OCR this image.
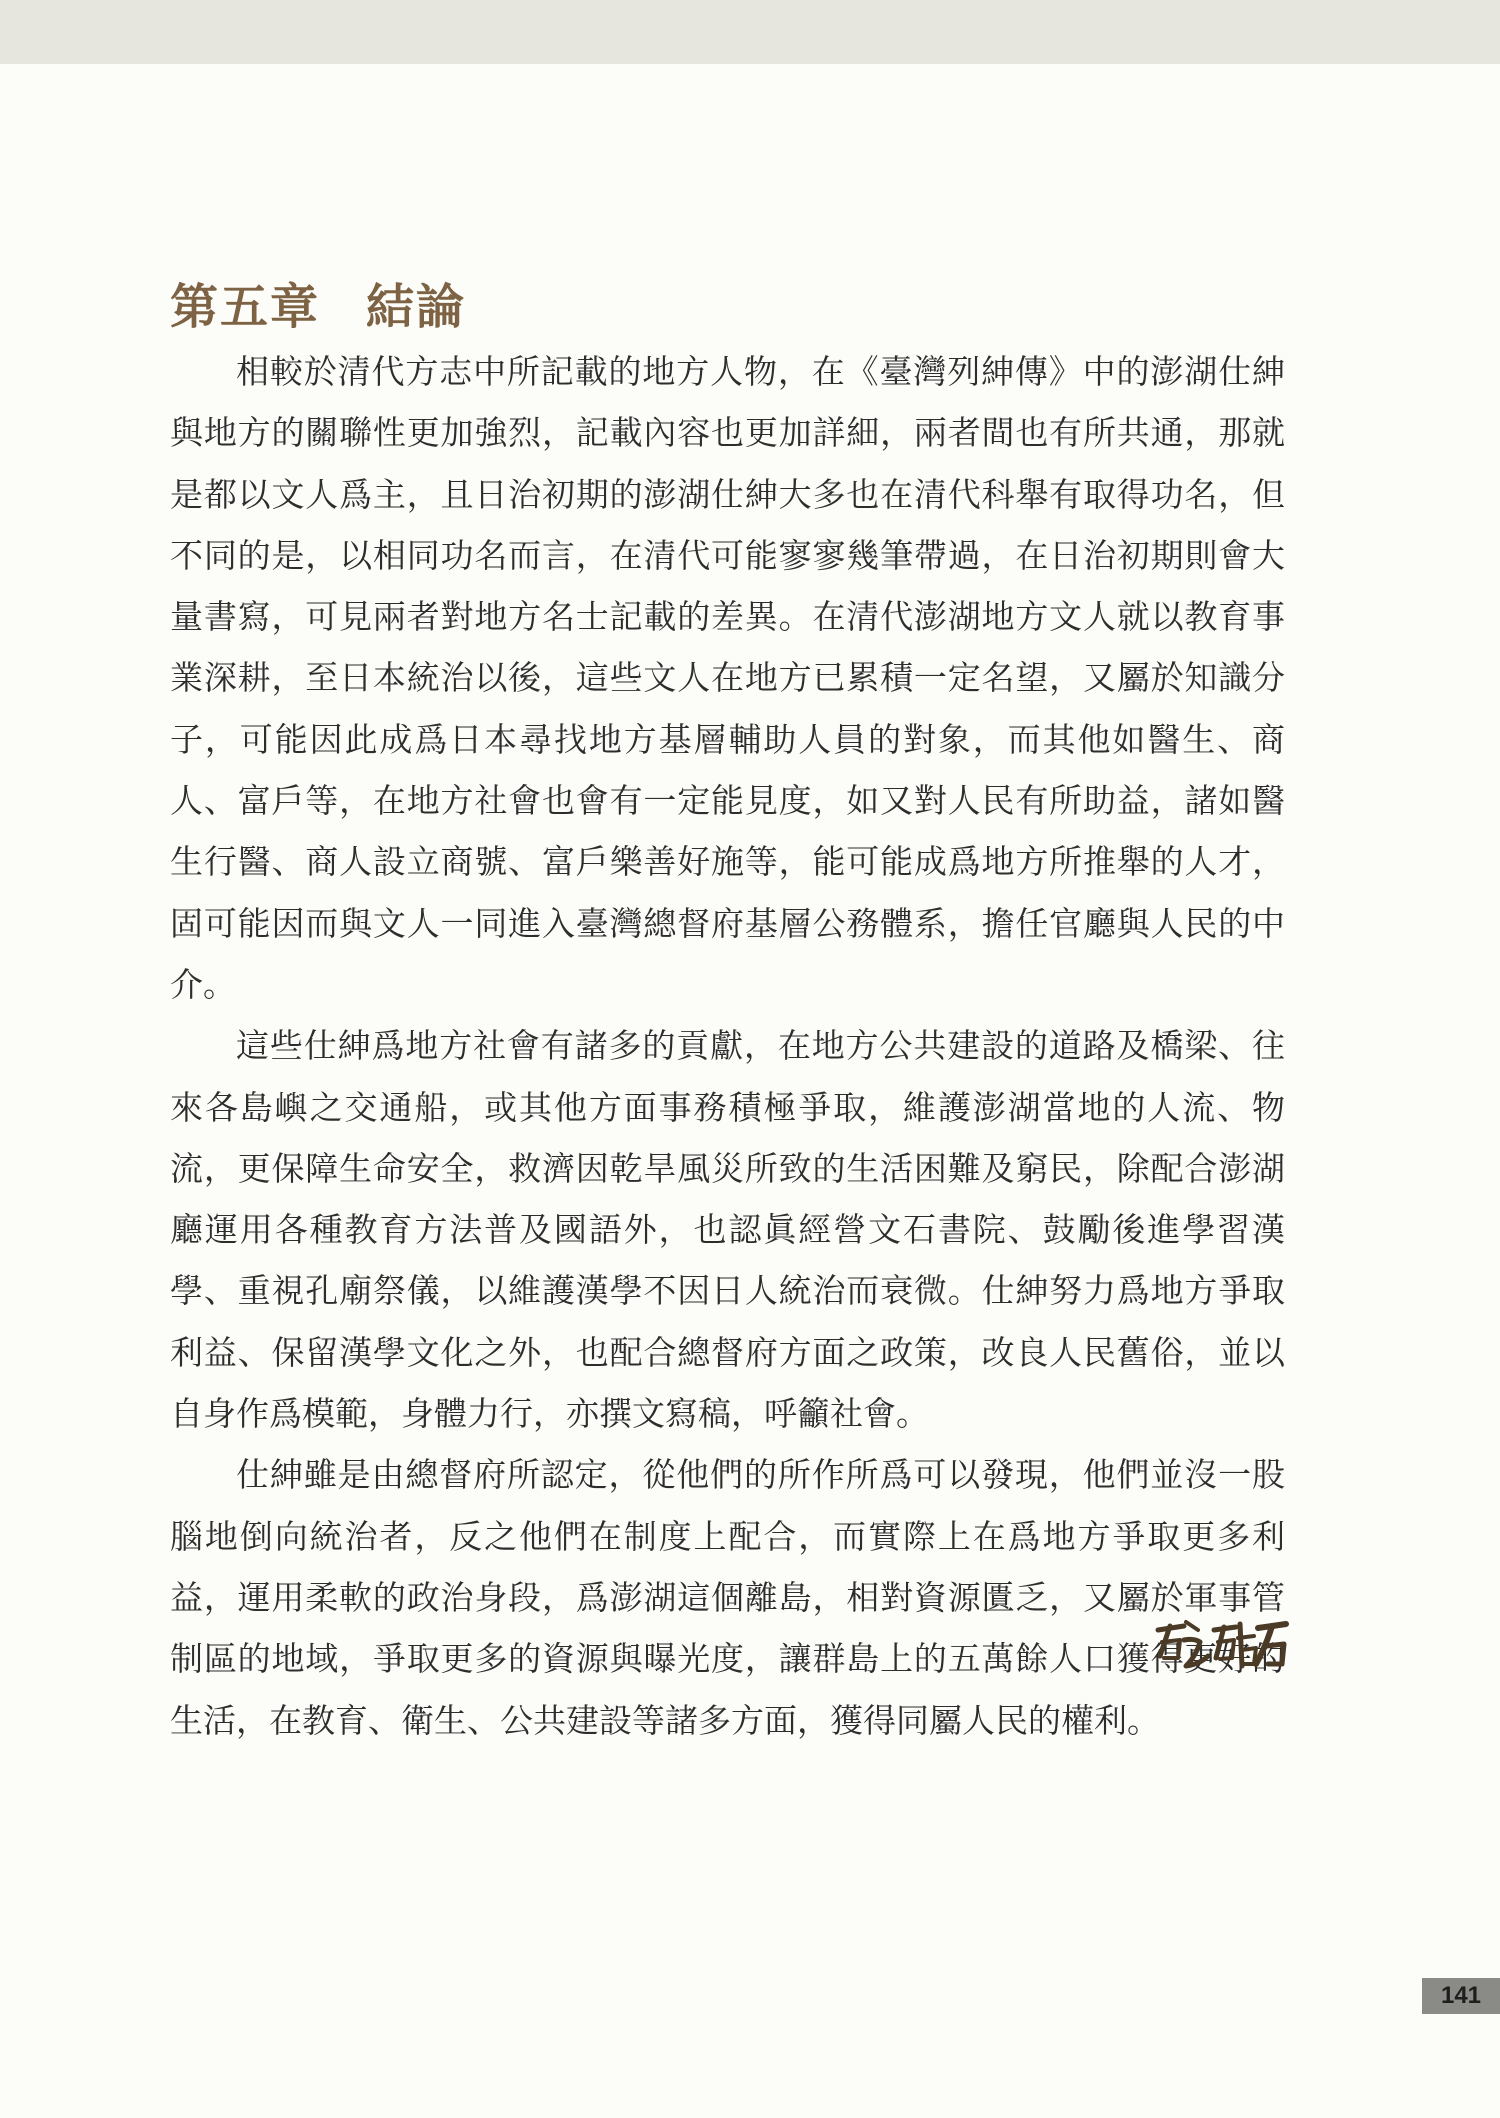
第五章 結論

相較於清代方志中所記載的地方人物，在《臺灣列紳傳》中的澎湖仕紳與地方的關聯性更加強烈，記載內容也更加詳細，兩者間也有所共通，那就是都以文人爲主，且日治初期的澎湖仕紳大多也在清代科舉有取得功名，但不同的是，以相同功名而言，在清代可能寥寥幾筆帶過，在日治初期則會大量書寫，可見兩者對地方名士記載的差異。在清代澎湖地方文人就以教育事業深耕，至日本統治以後，這些文人在地方已累積一定名望，又屬於知識分子，可能因此成爲日本尋找地方基層輔助人員的對象，而其他如醫生、商人、富戶等，在地方社會也會有一定能見度，如又對人民有所助益，諸如醫生行醫、商人設立商號、富戶樂善好施等，能可能成爲地方所推舉的人才，固可能因而與文人一同進入臺灣總督府基層公務體系，擔任官廳與人民的中介。

這些仕紳爲地方社會有諸多的貢獻，在地方公共建設的道路及橋梁、往來各島嶼之交通船，或其他方面事務積極爭取，維護澎湖當地的人流、物流，更保障生命安全，救濟因乾旱風災所致的生活困難及窮民，除配合澎湖廳運用各種教育方法普及國語外，也認眞經營文石書院、鼓勵後進學習漢學、重視孔廟祭儀，以維護漢學不因日人統治而衰微。仕紳努力爲地方爭取利益、保留漢學文化之外，也配合總督府方面之政策，改良人民舊俗，並以自身作爲模範，身體力行，亦撰文寫稿，呼籲社會。

仕紳雖是由總督府所認定，從他們的所作所爲可以發現，他們並沒一股腦地倒向統治者，反之他們在制度上配合，而實際上在爲地方爭取更多利益，運用柔軟的政治身段，爲澎湖這個離島，相對資源匱乏，又屬於軍事管制區的地域，爭取更多的資源與曝光度，讓群島上的五萬餘人口獲得更好的生活，在教育、衛生、公共建設等諸多方面，獲得同屬人民的權利。

141
